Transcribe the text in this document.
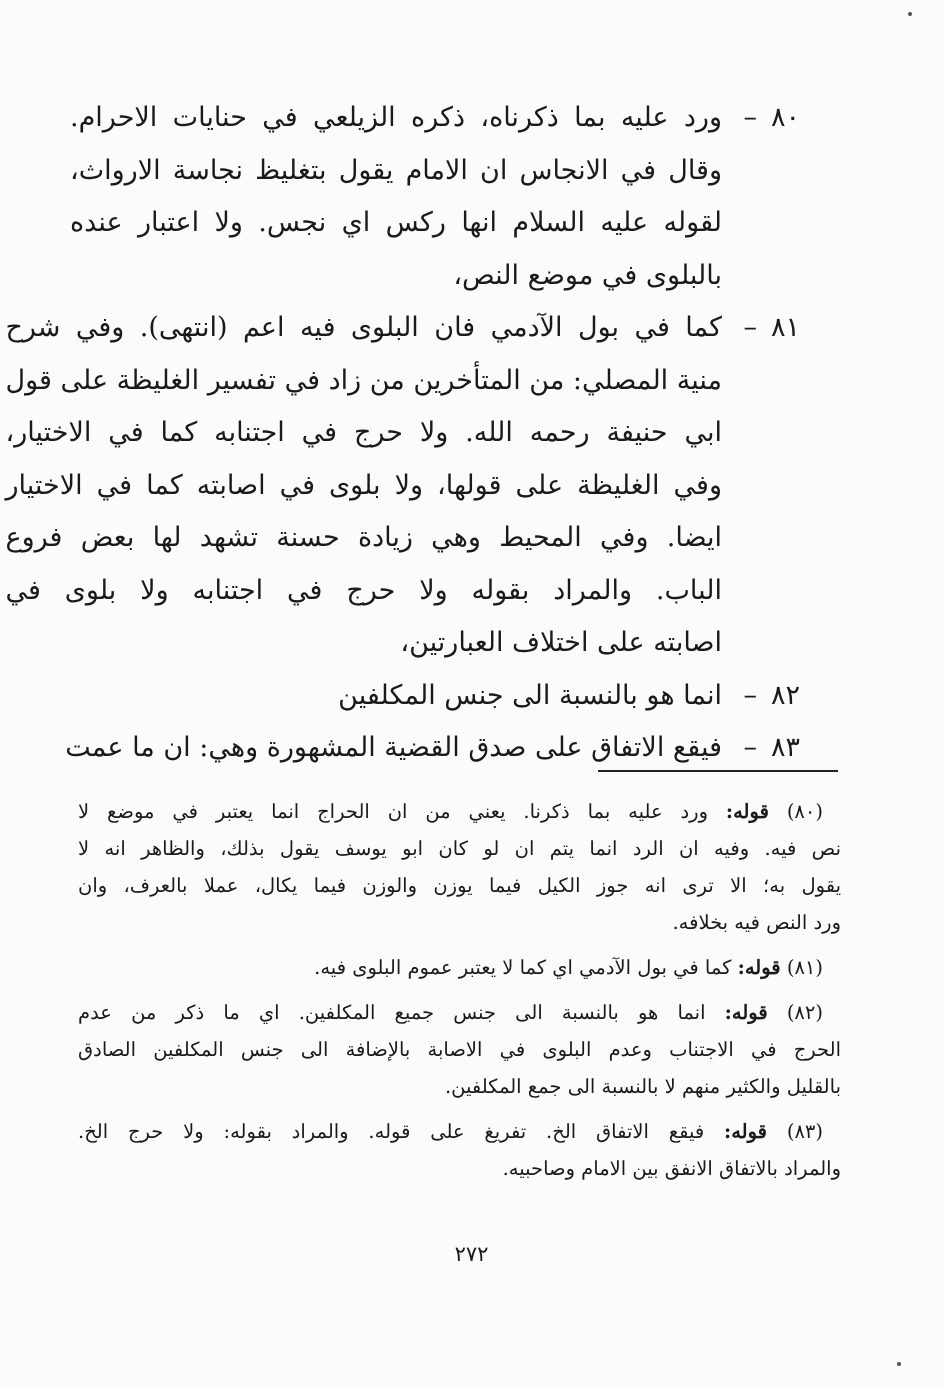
٨٠–
ورد عليه بما ذكرناه، ذكره الزيلعي في حنايات الاحرام.
وقال في الانجاس ان الامام يقول بتغليظ نجاسة الارواث،
لقوله عليه السلام انها ركس اي نجس. ولا اعتبار عنده
بالبلوى في موضع النص،
٨١–
كما في بول الآدمي فان البلوى فيه اعم (انتهى). وفي شرح
منية المصلي: من المتأخرين من زاد في تفسير الغليظة على قول
ابي حنيفة رحمه الله. ولا حرج في اجتنابه كما في الاختيار،
وفي الغليظة على قولها، ولا بلوى في اصابته كما في الاختيار
ايضا. وفي المحيط وهي زيادة حسنة تشهد لها بعض فروع
الباب. والمراد بقوله ولا حرج في اجتنابه ولا بلوى في
اصابته على اختلاف العبارتين،
٨٢–
انما هو بالنسبة الى جنس المكلفين
٨٣–
فيقع الاتفاق على صدق القضية المشهورة وهي: ان ما عمت
(٨٠) قوله: ورد عليه بما ذكرنا. يعني من ان الحراج انما يعتبر في موضع لا
نص فيه. وفيه ان الرد انما يتم ان لو كان ابو يوسف يقول بذلك، والظاهر انه لا
يقول به؛ الا ترى انه جوز الكيل فيما يوزن والوزن فيما يكال، عملا بالعرف، وان
ورد النص فيه بخلافه.
(٨١) قوله: كما في بول الآدمي اي كما لا يعتبر عموم البلوى فيه.
(٨٢) قوله: انما هو بالنسبة الى جنس جميع المكلفين. اي ما ذكر من عدم
الحرج في الاجتناب وعدم البلوى في الاصابة بالإضافة الى جنس المكلفين الصادق
بالقليل والكثير منهم لا بالنسبة الى جمع المكلفين.
(٨٣) قوله: فيقع الاتفاق الخ. تفريغ على قوله. والمراد بقوله: ولا حرج الخ.
والمراد بالاتفاق الانفق بين الامام وصاحبيه.
٢٧٢
